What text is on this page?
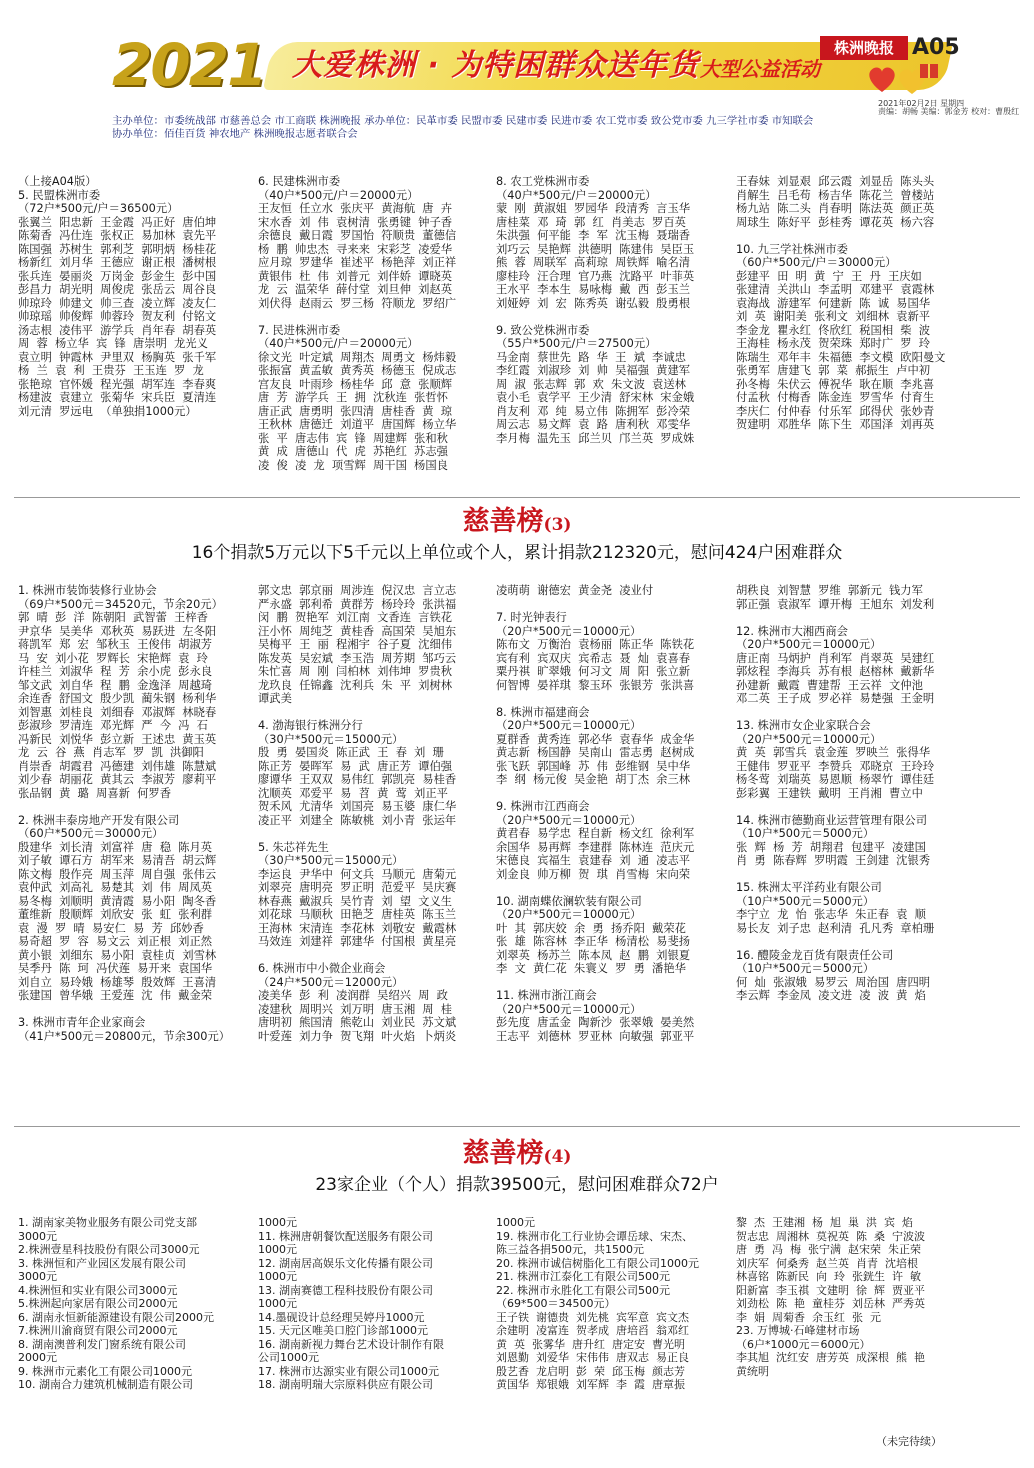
2021 大爱株洲 · 为特困群众送年货 大型公益活动
株洲晚报 A05
2021年02月2日 星期四
责编：胡畅 美编：郭金芳 校对：曹殷红
主办单位：市委统战部 市慈善总会 市工商联 株洲晚报 承办单位：民革市委 民盟市委 民建市委 民进市委 农工党市委 致公党市委 九三学社市委 市知联会
协办单位：佰佳百货 神农地产 株洲晚报志愿者联合会
（上接A04版）
5. 民盟株洲市委
（72户*500元/户＝36500元）
张翼兰  阳忠新  王金霞  冯正好  唐伯坤
陈菊香  冯仕连  张权正  易加林  袁先平
陈国强  苏树生  郭利芝  郭明炳  杨桂花
杨新红  刘月华  王德应  谢正根  潘树根
张兵连  晏丽炎  万岗金  彭金生  彭中国
彭昌力  胡光明  周俊虎  张岳云  周谷良
帅琼玲  帅建文  帅三查  凌立辉  凌友仁
帅琼瑶  帅俊辉  帅蓉玲  贺友利  付铭文
汤志根  凌伟平  游学兵  肖年春  胡春英
周  蓉  杨立华  宾  锋  唐崇明  龙光义
袁立明  钟霞林  尹里双  杨胸英  张千军
杨  兰  袁  利  王贵芬  王玉连  罗  龙
张艳琼  官怀媛  程光强  胡军连  李春爽
杨建波  袁建立  张菊华  宋兵臣  夏清连
刘元清  罗远电  （单独捐1000元）
6. 民建株洲市委
（40户*500元/户＝20000元）
王友恒  任立水  张庆平  黄海航  唐  卉
宋水香  刘  伟  袁树清  张勇键  钟子香
余德良  戴日霞  罗国怡  符顺贵  董德信
杨  鹏  帅忠杰  寻来来  宋彩芝  凌爱华
应月琼  罗建华  崔述平  杨艳萍  刘正祥
黄银伟  杜  伟  刘普元  刘伴娇  谭晓英
龙  云  温荣华  薛付堂  刘旦伸  刘赵英
刘伏得  赵雨云  罗三杨  符顺龙  罗绍广
7. 民进株洲市委
（40户*500元/户＝20000元）
徐文光  叶定斌  周翔杰  周勇文  杨炜毅
张振富  黄孟敏  黄秀英  杨德玉  倪成志
宫友良  叶雨珍  杨桂华  邱  意  张顺辉
唐  芳  游学兵  王  拥  沈秋连  张哲怀
唐正武  唐勇明  张四清  唐桂香  黄  琼
王秋林  唐德迁  刘道平  唐国辉  杨立华
张  平  唐志伟  宾  锋  周建辉  张和秋
黄  成  唐德山  代  虎  苏艳红  苏志强
凌  俊  凌  龙  项雪辉  周干国  杨国良
8. 农工党株洲市委
（40户*500元/户＝20000元）
蒙  刚  黄淑姐  罗园华  段清秀  言玉华
唐桂菜  邓  琦  郭  红  肖美志  罗百英
朱洪强  何平能  李  军  沈玉梅  聂瑞香
刘巧云  吴艳辉  洪德明  陈建伟  吴臣玉
熊  蓉  周联军  高莉琼  周铁辉  喻名清
廖桂玲  汪合理  官乃燕  沈路平  叶菲英
王水平  李本生  易咏梅  戴  西  彭玉兰
刘娅婷  刘  宏  陈秀英  谢弘毅  殷勇根
9. 致公党株洲市委
（55户*500元/户＝27500元）
马金南  蔡世先  路  华  王  斌  李诚忠
李红霞  刘淑珍  刘  帅  吴福强  黄建军
周  淑  张志辉  郭  欢  朱文波  袁送林
袁小毛  袁学平  王少清  舒宋林  宋金娥
肖友利  邓  纯  易立伟  陈拥军  彭冷荣
周云志  易文辉  袁  路  唐利秋  邓雯华
李月梅  温先玉  邱兰贝  邝兰英  罗成姝
王春妹  刘显艰  邱云霞  刘显岳  陈头头
肖解生  吕毛苟  杨吉华  陈花兰  曾楼站
杨九站  陈二头  肖春明  陈法英  颜正英
周球生  陈好平  彭桂秀  谭花英  杨六容
10. 九三学社株洲市委
（60户*500元/户＝30000元）
彭建平  田  明  黄  宁  王  丹  王庆如
张建清  关洪山  李孟明  邓建平  袁霞林
袁海战  游建军  何建新  陈  诚  易国华
刘  英  谢阳美  张利文  刘细林  袁新平
李金龙  瞿永红  佟欣红  税国相  柴  波
王海桂  杨永茂  贺荣珠  郑时广  罗  玲
陈瑞生  邓年丰  朱福德  李文模  欧阳曼文
张勇军  唐建飞  郭  菜  郝振生  卢中初
孙冬梅  朱伏云  傅祝华  耿在顺  李兆喜
付孟秋  付梅香  陈金连  罗雪华  付育生
李庆仁  付仲春  付乐军  邱得伏  张妙青
贺建明  邓胜华  陈下生  邓国泽  刘再英
慈善榜(3)
16个捐款5万元以下5千元以上单位或个人，累计捐款212320元，慰问424户困难群众
1. 株洲市装饰装修行业协会
（69户*500元＝34520元，节余20元）
郭  晴  彭  洋  陈朝阳  武智蕾  王梓香
尹京华  吴美华  邓秋英  易跃进  左冬阳
蒋凯军  郑  宏  邹秋玉  王俊伟  胡淑芳
马  安  刘小花  罗辉长  宋艳辉  袁  玲
许桂兰  刘淑华  程  芳  余小虎  彭永良
邹文武  刘自华  程  鹏  金逸泽  周越琦
余连香  舒国文  殷少凯  蔺朱钢  杨利华
刘智惠  刘桂良  刘细春  邓淑辉  林晓春
彭淑珍  罗清连  邓光辉  严  今  冯  石
冯新民  刘悦华  彭立新  王述忠  黄玉英
龙  云  谷  燕  肖志军  罗  凯  洪御阳
肖崇香  胡霞君  冯德建  刘伟雄  陈慧斌
刘少春  胡丽花  黄其云  李淑芳  廖莉平
张品钢  黄  璐  周喜新  何罗香
2. 株洲丰泰房地产开发有限公司
（60户*500元＝30000元）
殷建华  刘长清  刘富祥  唐  稳  陈月英
刘子敏  谭石方  胡军来  易清吾  胡云辉
陈文梅  殷作亮  周玉萍  周自强  张伟云
袁仲武  刘高礼  易楚其  刘  伟  周凤英
易冬梅  刘顺明  黄清霞  易小阳  陶冬香
董维新  殷顺辉  刘欣安  张  虹  张利群
袁  漫  罗  晴  易安仁  易  芳  邱妙香
易奇超  罗  容  易文云  刘正根  刘正然
黄小银  刘细东  易小阳  袁桂贞  刘雪林
吴季丹  陈  珂  冯伏莲  易开来  袁国华
刘自立  易玲娥  杨雄琴  殷效辉  王喜清
张建国  曾华娥  王爱莲  沈  伟  戴金荣
3. 株洲市青年企业家商会
（41户*500元＝20800元，节余300元）
郭文忠  郭京丽  周涉连  倪汉忠  言立志
严永盛  郭利希  黄群芳  杨玲玲  张洪福
闵  鹏  贺艳军  刘江南  文香连  言铁花
汪小怀  周纯芝  黄桂香  高国荣  吴旭东
吴梅平  王  丽  程湘宇  谷子夏  沈细伟
陈发英  吴宏斌  李玉浩  周芳期  邹巧云
朱忙喜  周  刚  闫柏林  刘伟坤  罗贵秋
龙玖良  任锦鑫  沈利兵  朱  平  刘树林
谭武美
4. 渤海银行株洲分行
（30户*500元＝15000元）
殷  勇  晏国炎  陈正武  王  春  刘  珊
陈正芳  晏晖军  易  武  唐正芳  谭伯强
廖谭华  王双双  易伟红  郭凯亮  易桂香
沈顺英  邓爱平  易  苕  黄  莺  刘正平
贺禾风  尤清华  刘国亮  易玉婆  康仁华
凌正平  刘建全  陈敏桃  刘小青  张运年
5. 朱芯祥先生
（30户*500元＝15000元）
李运良  尹华中  何文兵  马顺元  唐菊元
刘翠亮  唐明亮  罗正明  范爱平  吴庆赛
林春燕  戴淑兵  吴竹青  刘  望  文义生
刘花球  马顺秋  田艳芝  唐桂英  陈玉兰
王海林  宋清连  李花林  刘敬安  戴霞林
马效连  刘建祥  郭建华  付国根  黄星亮
6. 株洲市中小微企业商会
（24户*500元＝12000元）
凌美华  彭  利  凌润群  吴绍兴  周  政
凌建秋  周明兴  刘万明  唐玉湘  周  桂
唐明初  熊国清  熊乾山  刘业民  苏文斌
叶爱莲  刘力争  贺飞翔  叶火焰  卜炳炎
凌萌萌  谢德宏  黄金尧  凌业付
7. 时光钟表行
（20户*500元＝10000元）
陈布文  万衡治  袁杨丽  陈正华  陈铁花
宾有利  宾双庆  宾希志  聂  灿  袁喜春
粟丹祺  旷翠娥  何习文  周  阳  张立新
何智博  晏祥琪  黎玉环  张银芳  张洪喜
8. 株洲市福建商会
（20户*500元＝10000元）
夏群香  黄秀连  郭必华  袁春华  成金华
黄志新  杨国静  吴南山  雷志勇  赵树成
张飞跃  郭国峰  苏  伟  彭维钢  吴中华
李  纲  杨元俊  吴金艳  胡丁杰  余三林
9. 株洲市江西商会
（20户*500元＝10000元）
黄君春  易学忠  程自新  杨文红  徐利军
余国华  易再辉  李建群  陈林连  范庆元
宋德良  宾福生  袁建春  刘  通  凌志平
刘金良  帅万柳  贺  琪  肖雪梅  宋向荣
10. 湖南蝶依澜软装有限公司
（20户*500元＝10000元）
叶  其  郭庆姣  余  勇  扬乔阳  戴荣花
张  雄  陈容林  李正华  杨清松  易斐扬
刘翠英  杨苏兰  陈本凤  赵  鹏  刘银夏
李  文  黄仁花  朱寰义  罗  勇  潘艳华
11. 株洲市浙江商会
（20户*500元＝10000元）
彭先度  唐孟金  陶新沙  张翠娥  晏美然
王志平  刘德林  罗亚林  向敏强  郭亚平
胡秩良  刘智慧  罗维  郭新元  钱力军
郭正强  袁淑军  谭开梅  王旭东  刘发利
12. 株洲市大湘西商会
（20户*500元＝10000元）
唐正南  马炳护  肖利军  肖翠英  吴建红
郭炫程  李海兵  苏有根  赵榕林  戴新华
孙建新  戴霞  曹建帮  王云祥  文仲池
邓二英  王子成  罗必祥  易楚强  王金明
13. 株洲市女企业家联合会
（20户*500元＝10000元）
黄  英  郭雪兵  袁金莲  罗映兰  张得华
王健伟  罗亚平  李赞兵  邓晓京  王玲玲
杨冬莺  刘瑞英  易恩顺  杨翠竹  谭佳廷
彭彩翼  王建铁  戴明  王肖湘  曹立中
14. 株洲市德勤商业运营管理有限公司
（10户*500元＝5000元）
张  辉  杨  芳  胡翔君  包建平  凌建国
肖  勇  陈春辉  罗明霞  王剑建  沈银秀
15. 株洲太平洋药业有限公司
（10户*500元＝5000元）
李宁立  龙  怡  张志华  朱正春  袁  顺
易长友  刘子忠  赵利清  孔凡秀  章柏珊
16. 醴陵金龙百货有限责任公司
（10户*500元＝5000元）
何  灿  张淑娥  易罗云  周治国  唐四明
李云辉  李金凤  凌文进  凌  波  黄  焰
慈善榜(4)
23家企业（个人）捐款39500元，慰问困难群众72户
1. 湖南家美物业服务有限公司党支部
3000元
2.株洲壹星科技股份有限公司3000元
3. 株洲恒和产业园区发展有限公司
3000元
4.株洲恒和实业有限公司3000元
5.株洲起向家居有限公司2000元
6. 湖南永恒新能源建设有限公司2000元
7.株洲川渝商贸有限公司2000元
8. 湖南澳普利发门窗系统有限公司
2000元
9. 株洲市元素化工有限公司1000元
10. 湖南合力建筑机械制造有限公司
1000元
11. 株洲唐朝餐饮配送服务有限公司
1000元
12. 湖南居高娱乐文化传播有限公司
1000元
13. 湖南赛德工程科技股份有限公司
1000元
14.墨砚设计总经理吴婷丹1000元
15. 天元区唯美口腔门诊部1000元
16. 湖南新视力舞台艺术设计制作有限
公司1000元
17. 株洲市达源实业有限公司1000元
18. 湖南明瑞大宗原料供应有限公司
1000元
19. 株洲市化工行业协会谭岳球、宋杰、
陈三益各捐500元，共1500元
20. 株洲市诚信树脂化工有限公司1000元
21. 株洲市江泰化工有限公司500元
22. 株洲市永胜化工有限公司500元
（69*500＝34500元）
王子铁  谢德贵  刘先桃  宾军意  宾文杰
余建明  凌富连  贺孝成  唐培舀  翁邓红
黄  英  张雾华  唐升红  唐定安  曹光明
刘恩勤  刘爱华  宋伟伟  唐双志  易正良
殷艺香  龙启明  彭  荣  邱玉梅  颜志芳
黄国华  郑银娥  刘军辉  李  霞  唐章振
黎  杰  王建湘  杨  旭  巢  洪  宾  焰
贺志忠  周湘林  莫祝英  陈  桑  宁波波
唐  勇  冯  梅  张宁满  赵宋荣  朱正荣
刘庆军  何桑秀  赵兰英  肖青  沈培根
林喜铭  陈新民  向  玲  张銧生  许  敏
阳新富  李玉祺  文建明  徐  辉  贾亚平
刘劲松  陈  艳  童桂芬  刘岳林  严秀英
李  娟  周菊香  余玉红  张  元
23. 万博城·石峰建材市场
（6户*1000元＝6000元）
李其旭  沈红安  唐芳英  成深根  熊  艳
黄统明
（未完待续）
